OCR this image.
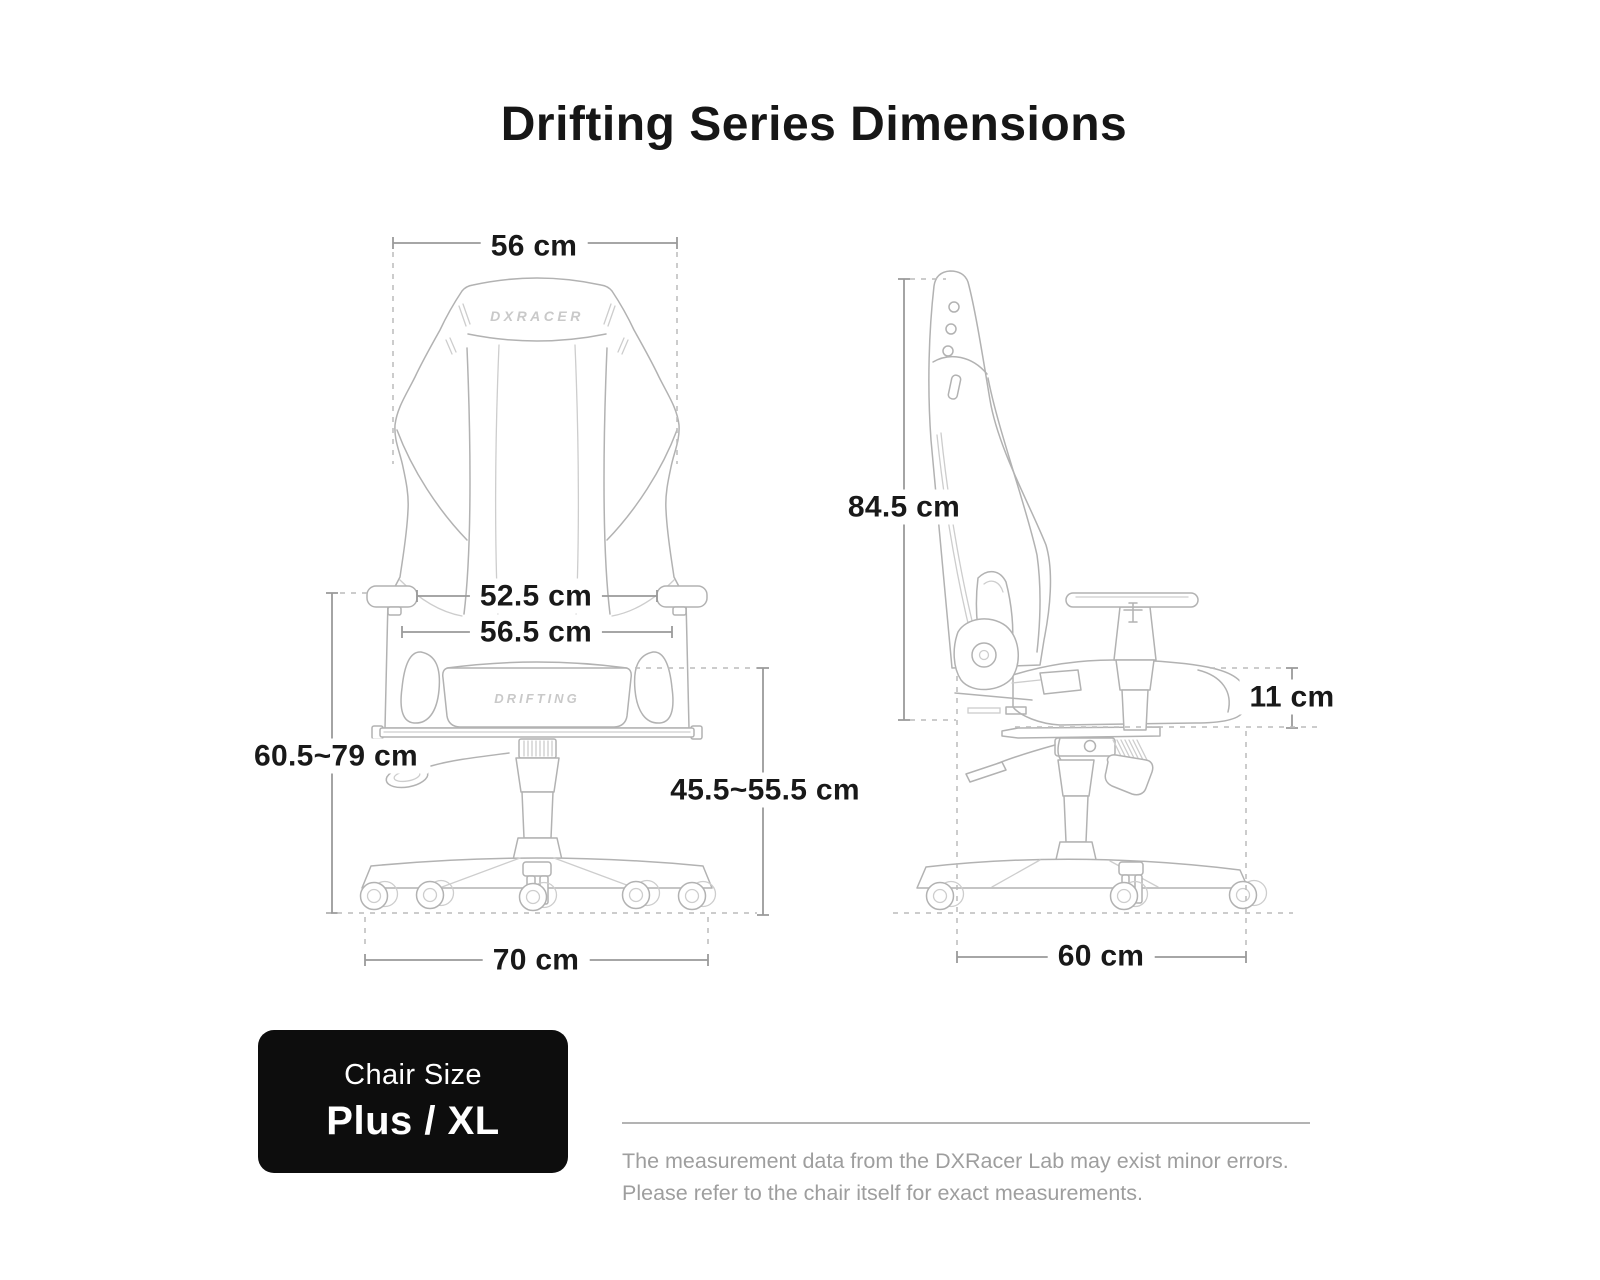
Drifting Series Dimensions
DXRACER
DRIFTING
56 cm
52.5 cm
56.5 cm
60.5~79 cm
45.5~55.5 cm
70 cm
84.5 cm
11 cm
60 cm
Chair Size
Plus / XL
The measurement data from the DXRacer Lab may exist minor errors.
Please refer to the chair itself for exact measurements.
